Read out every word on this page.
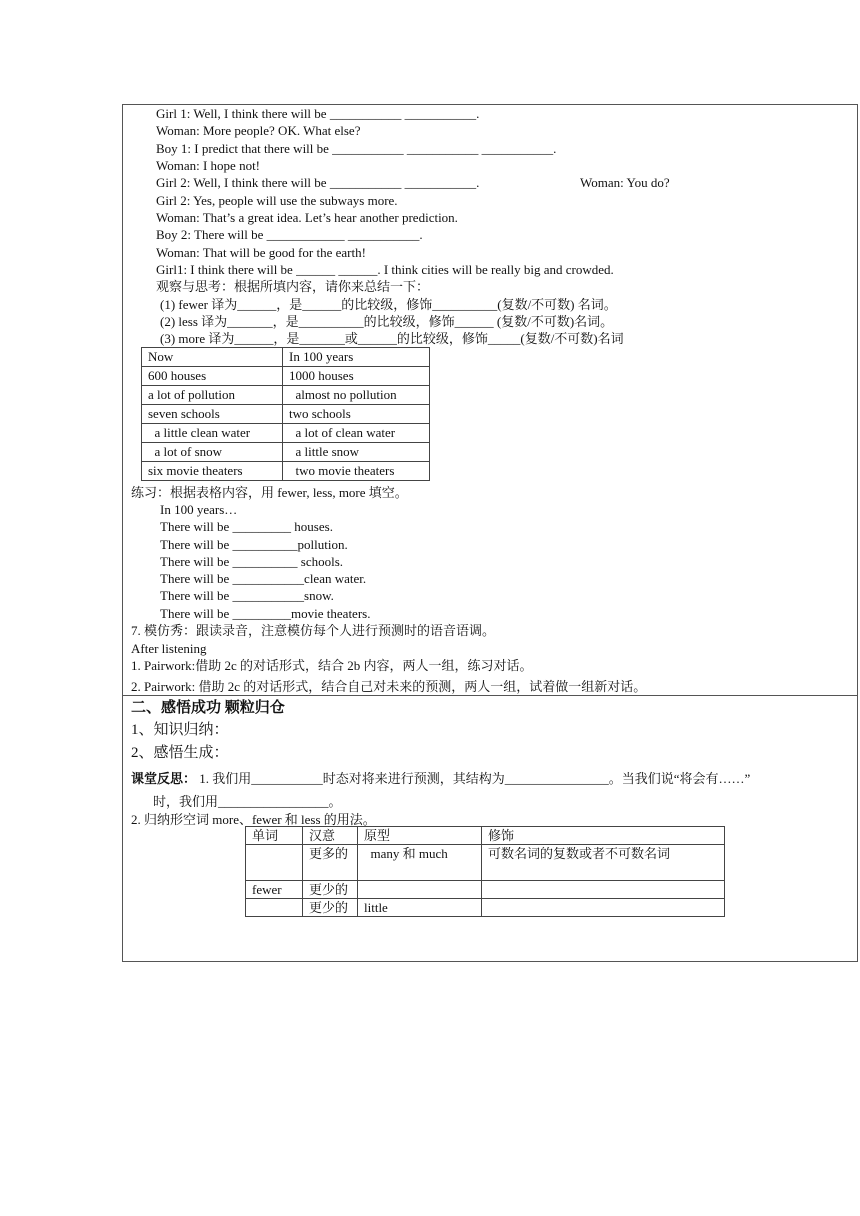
Girl 1: Well, I think there will be ___________ ___________.
Woman: More people? OK. What else?
Boy 1: I predict that there will be ___________ ___________ ___________.
Woman: I hope not!
Girl 2: Well, I think there will be ___________ ___________.	Woman: You do?
Girl 2: Yes, people will use the subways more.
Woman: That’s a great idea. Let’s hear another prediction.
Boy 2: There will be ____________ ___________.
Woman: That will be good for the earth!
Girl1: I think there will be ______ ______. I think cities will be really big and crowded.
观察与思考：根据所填内容，请你来总结一下：
(1) fewer 译为______，是______的比较级，修饰__________(复数/不可数) 名词。
(2) less 译为_______，是__________的比较级，修饰______ (复数/不可数)名词。
(3) more 译为______，是_______或______的比较级，修饰_____(复数/不可数)名词
Now	In 100 years
600 houses	1000 houses
a lot of pollution	almost no pollution
seven schools	two schools
a little clean water	a lot of clean water
a lot of snow	a little snow
six movie theaters	two movie theaters
练习：根据表格内容，用 fewer, less, more 填空。
In 100 years…
There will be _________ houses.
There will be __________pollution.
There will be __________ schools.
There will be ___________clean water.
There will be ___________snow.
There will be _________movie theaters.
7. 模仿秀：跟读录音，注意模仿每个人进行预测时的语音语调。
After listening
1. Pairwork:借助 2c 的对话形式，结合 2b 内容，两人一组，练习对话。
2. Pairwork: 借助 2c 的对话形式，结合自己对未来的预测，两人一组，试着做一组新对话。
二、感悟成功 颗粒归仓
1、知识归纳：
2、感悟生成：
课堂反思： 1. 我们用___________时态对将来进行预测，其结构为________________。当我们说“将会有……”
时，我们用_________________。
2. 归纳形空词 more、fewer 和 less 的用法。
单词	汉意	原型	修饰
	更多的	many 和 much	可数名词的复数或者不可数名词
fewer	更少的		
	更少的	little	
